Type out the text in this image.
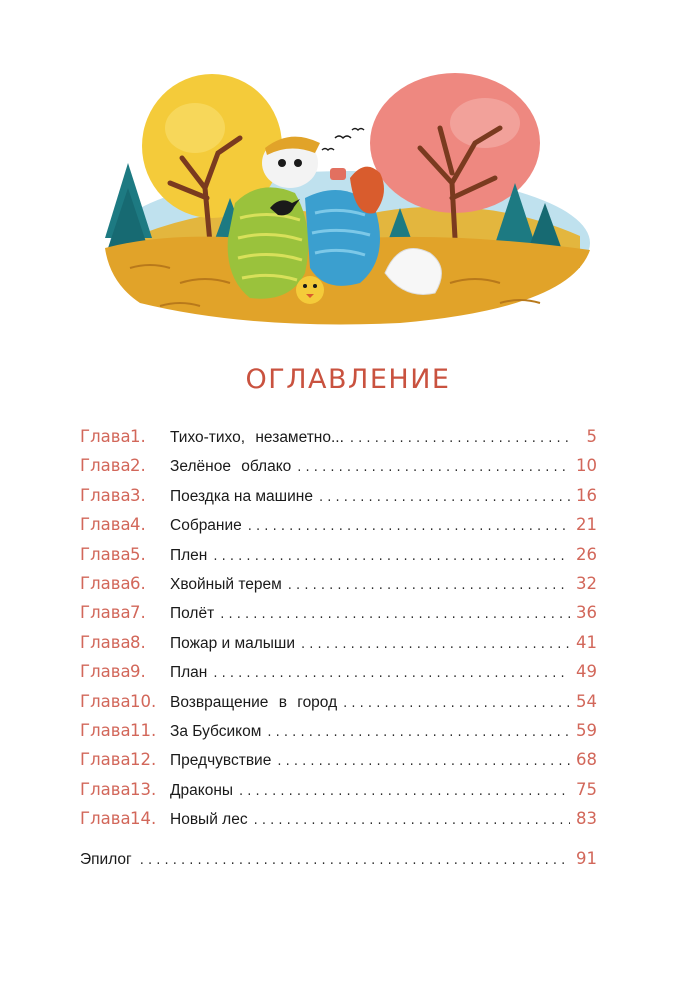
ОГЛАВЛЕНИЕ
Глава 1.	Тихо-тихо, незаметно... . . .	5
Глава 2.	Зелёное облако . . .	10
Глава 3.	Поездка на машине . . .	16
Глава 4.	Собрание . . .	21
Глава 5.	Плен . . .	26
Глава 6.	Хвойный терем . . .	32
Глава 7.	Полёт . . .	36
Глава 8.	Пожар и малыши . . .	41
Глава 9.	План . . .	49
Глава 10. Возвращение в город . . .	54
Глава 11. За Бубсиком . . .	59
Глава 12. Предчувствие . . .	68
Глава 13. Драконы . . .	75
Глава 14. Новый лес . . .	83
Эпилог . . .	91
